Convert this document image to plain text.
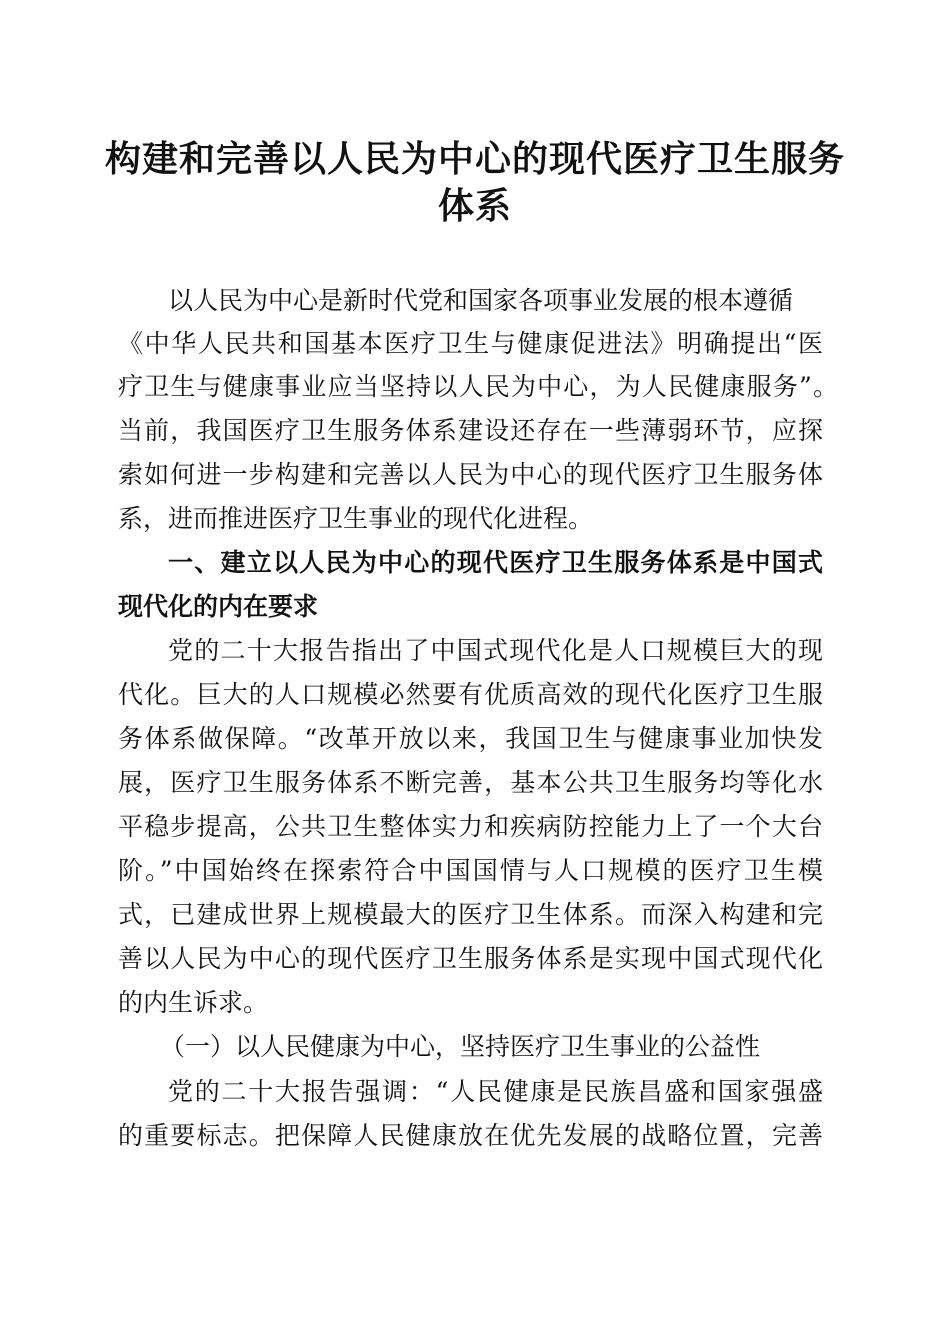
构建和完善以人民为中心的现代医疗卫生服务
体系
以人民为中心是新时代党和国家各项事业发展的根本遵循
《中华人民共和国基本医疗卫生与健康促进法》明确提出“医
疗卫生与健康事业应当坚持以人民为中心，为人民健康服务”。
当前，我国医疗卫生服务体系建设还存在一些薄弱环节，应探
索如何进一步构建和完善以人民为中心的现代医疗卫生服务体
系，进而推进医疗卫生事业的现代化进程。
一、建立以人民为中心的现代医疗卫生服务体系是中国式
现代化的内在要求
党的二十大报告指出了中国式现代化是人口规模巨大的现
代化。巨大的人口规模必然要有优质高效的现代化医疗卫生服
务体系做保障。“改革开放以来，我国卫生与健康事业加快发
展，医疗卫生服务体系不断完善，基本公共卫生服务均等化水
平稳步提高，公共卫生整体实力和疾病防控能力上了一个大台
阶。”中国始终在探索符合中国国情与人口规模的医疗卫生模
式，已建成世界上规模最大的医疗卫生体系。而深入构建和完
善以人民为中心的现代医疗卫生服务体系是实现中国式现代化
的内生诉求。
（一）以人民健康为中心，坚持医疗卫生事业的公益性
党的二十大报告强调：“人民健康是民族昌盛和国家强盛
的重要标志。把保障人民健康放在优先发展的战略位置，完善
